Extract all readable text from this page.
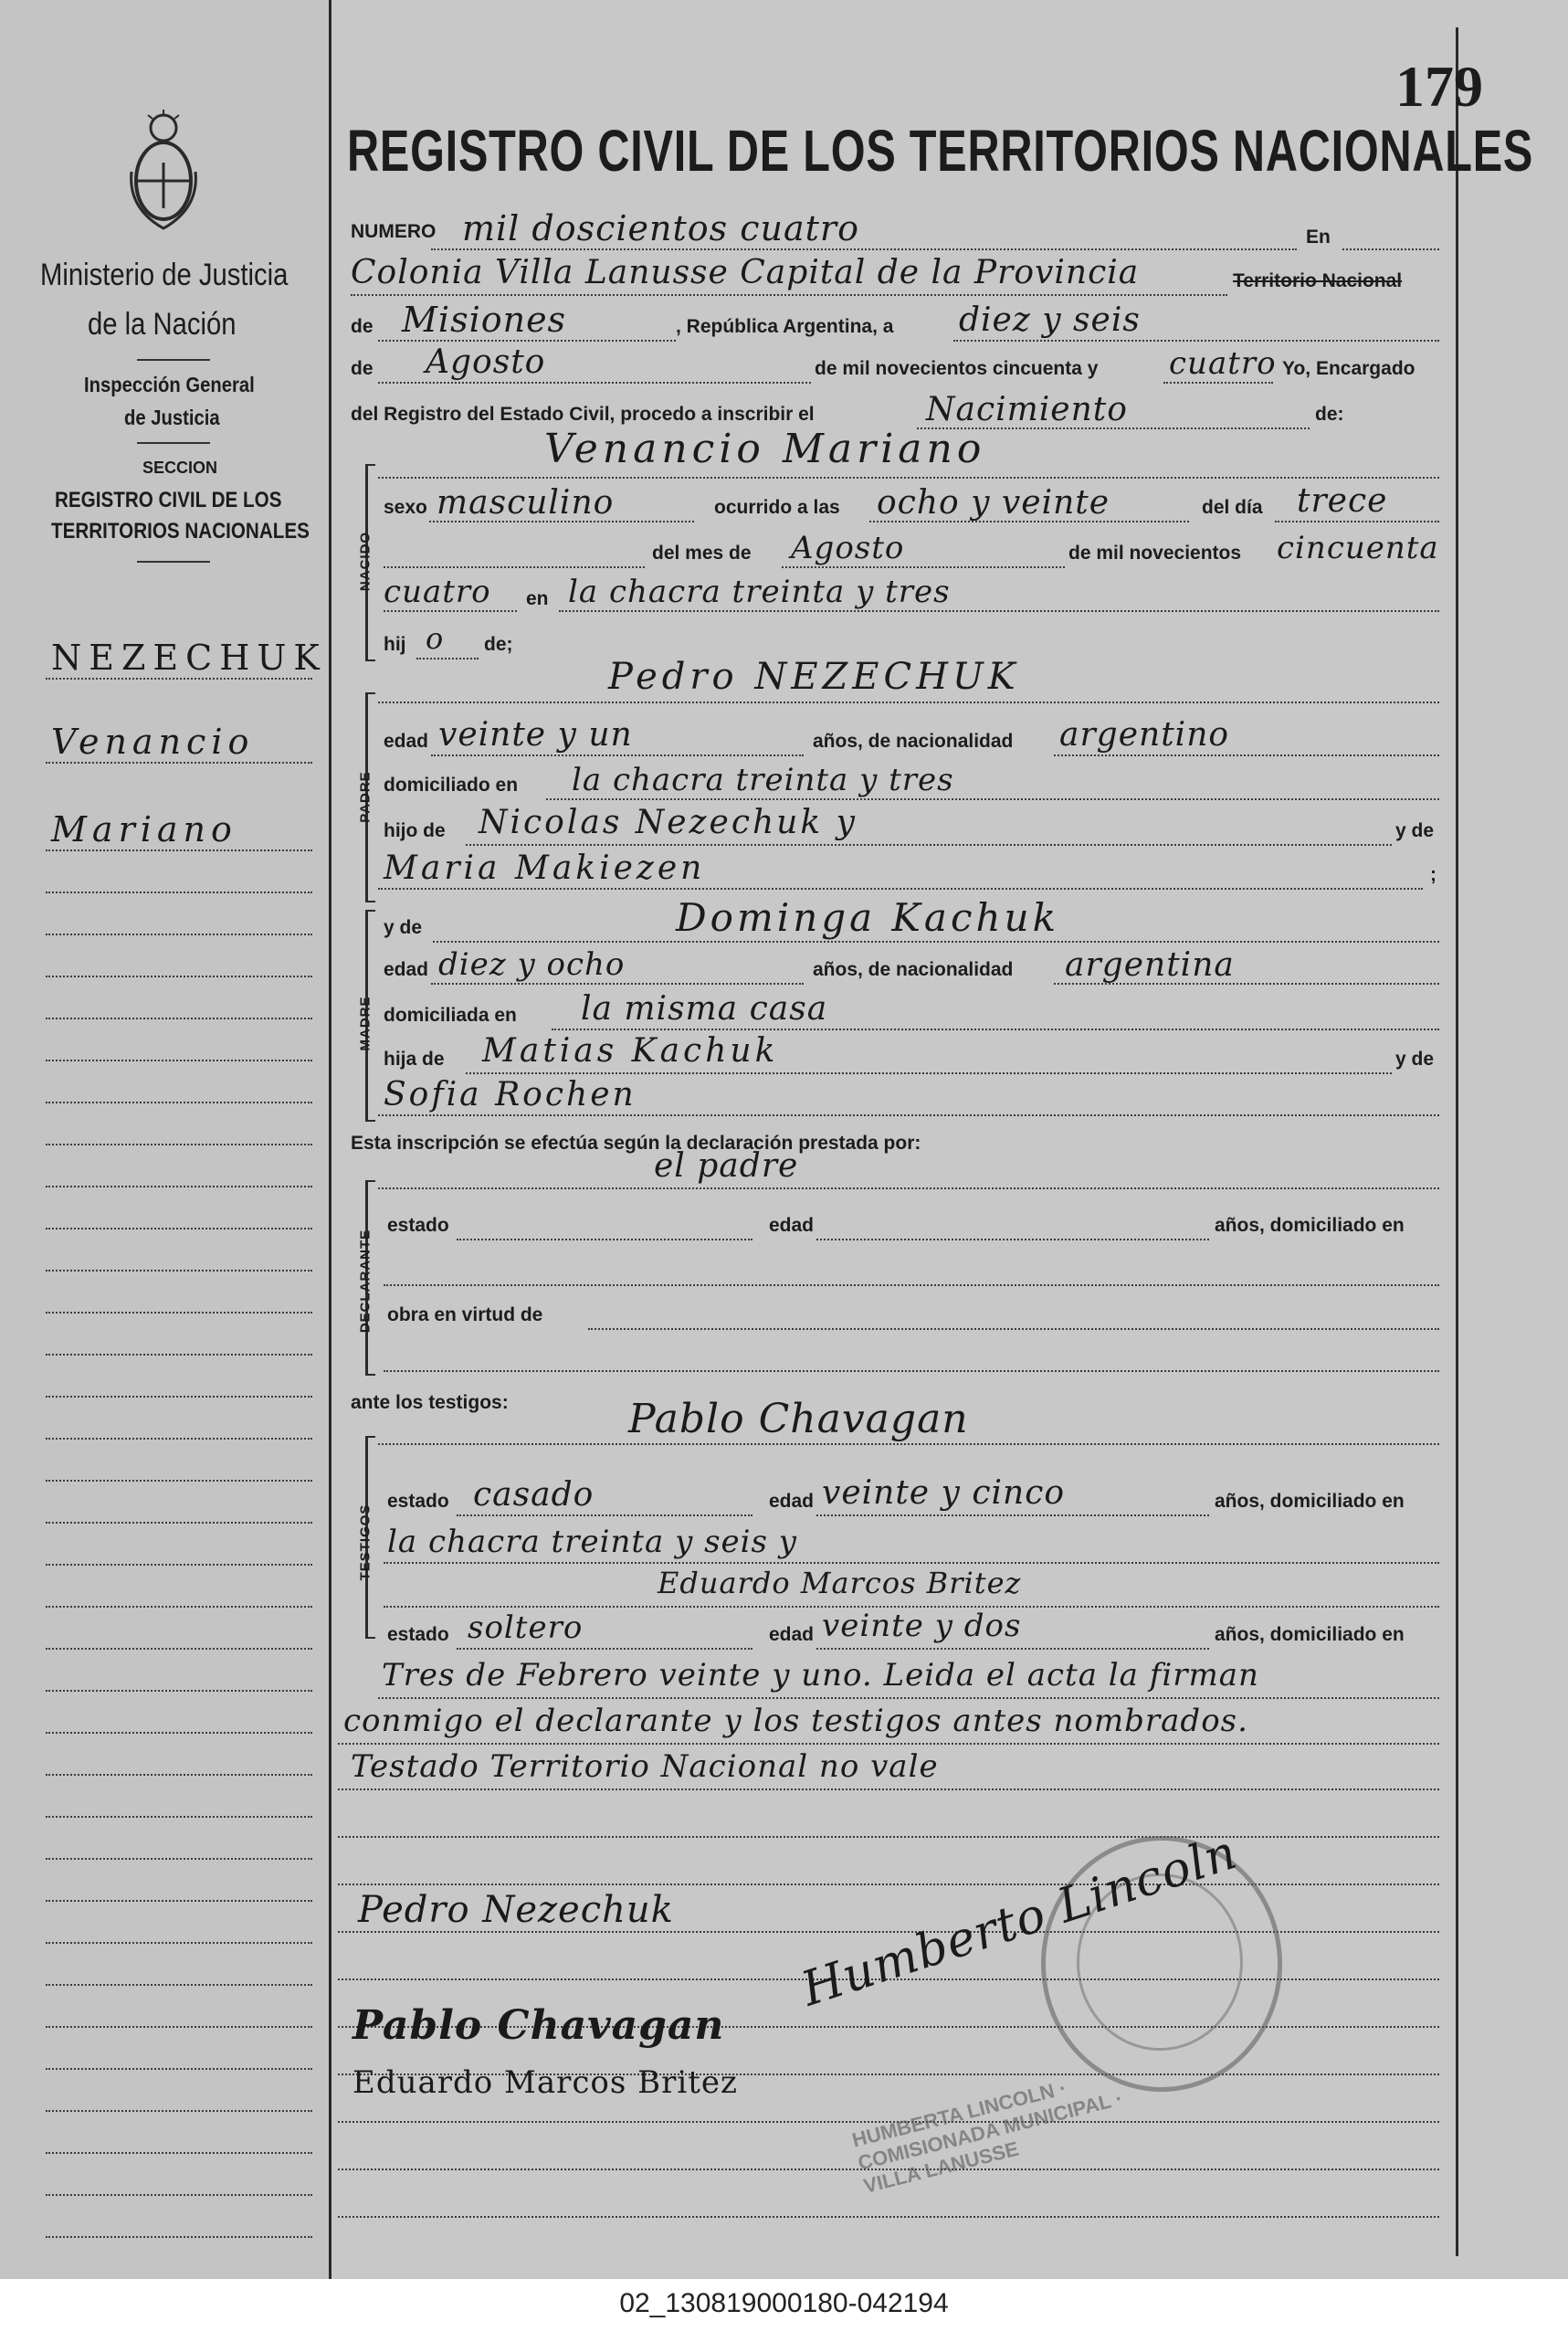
Ministerio de Justicia
de la Nación
Inspección General
de Justicia
SECCION
REGISTRO CIVIL DE LOS
TERRITORIOS NACIONALES
NEZECHUK
Venancio
Mariano
179
REGISTRO CIVIL DE LOS TERRITORIOS NACIONALES
NUMERO mil doscientos cuatro	En
Colonia Villa Lanusse Capital de la Provincia	Territorio Nacional
de Misiones	, República Argentina, a diez y seis
de Agosto	de mil novecientos cincuenta y cuatro Yo, Encargado
del Registro del Estado Civil, procedo a inscribir el	Nacimiento	de:
Venancio Mariano
NACIDO
sexo masculino	ocurrido a las ocho y veinte	del día trece
del mes de Agosto	de mil novecientos cincuenta
cuatro en la chacra treinta y tres
hij o de;
Pedro NEZECHUK
PADRE
edad veinte y un	años, de nacionalidad argentino
domiciliado en la chacra treinta y tres
hijo de Nicolas Nezechuk y	y de
Maria Makiezen	;
MADRE
y de	Dominga Kachuk
edad diez y ocho	años, de nacionalidad argentina
domiciliada en la misma casa
hija de Matias Kachuk	y de
Sofia Rochen
Esta inscripción se efectúa según la declaración prestada por:
el padre
DECLARANTE
estado	edad	años, domiciliado en
obra en virtud de
ante los testigos:	Pablo Chavagan
TESTIGOS
estado casado	edad veinte y cinco	años, domiciliado en
la chacra treinta y seis y
Eduardo Marcos Britez
estado soltero	edad veinte y dos	años, domiciliado en
Tres de Febrero veinte y uno. Leida el acta la firman
conmigo el declarante y los testigos antes nombrados.
Testado Territorio Nacional no vale
HUMBERTA LINCOLN · COMISIONADA MUNICIPAL · VILLA LANUSSE
Pedro Nezechuk
Pablo Chavagan
Eduardo Marcos Britez
Humberto Lincoln
02_130819000180-042194
